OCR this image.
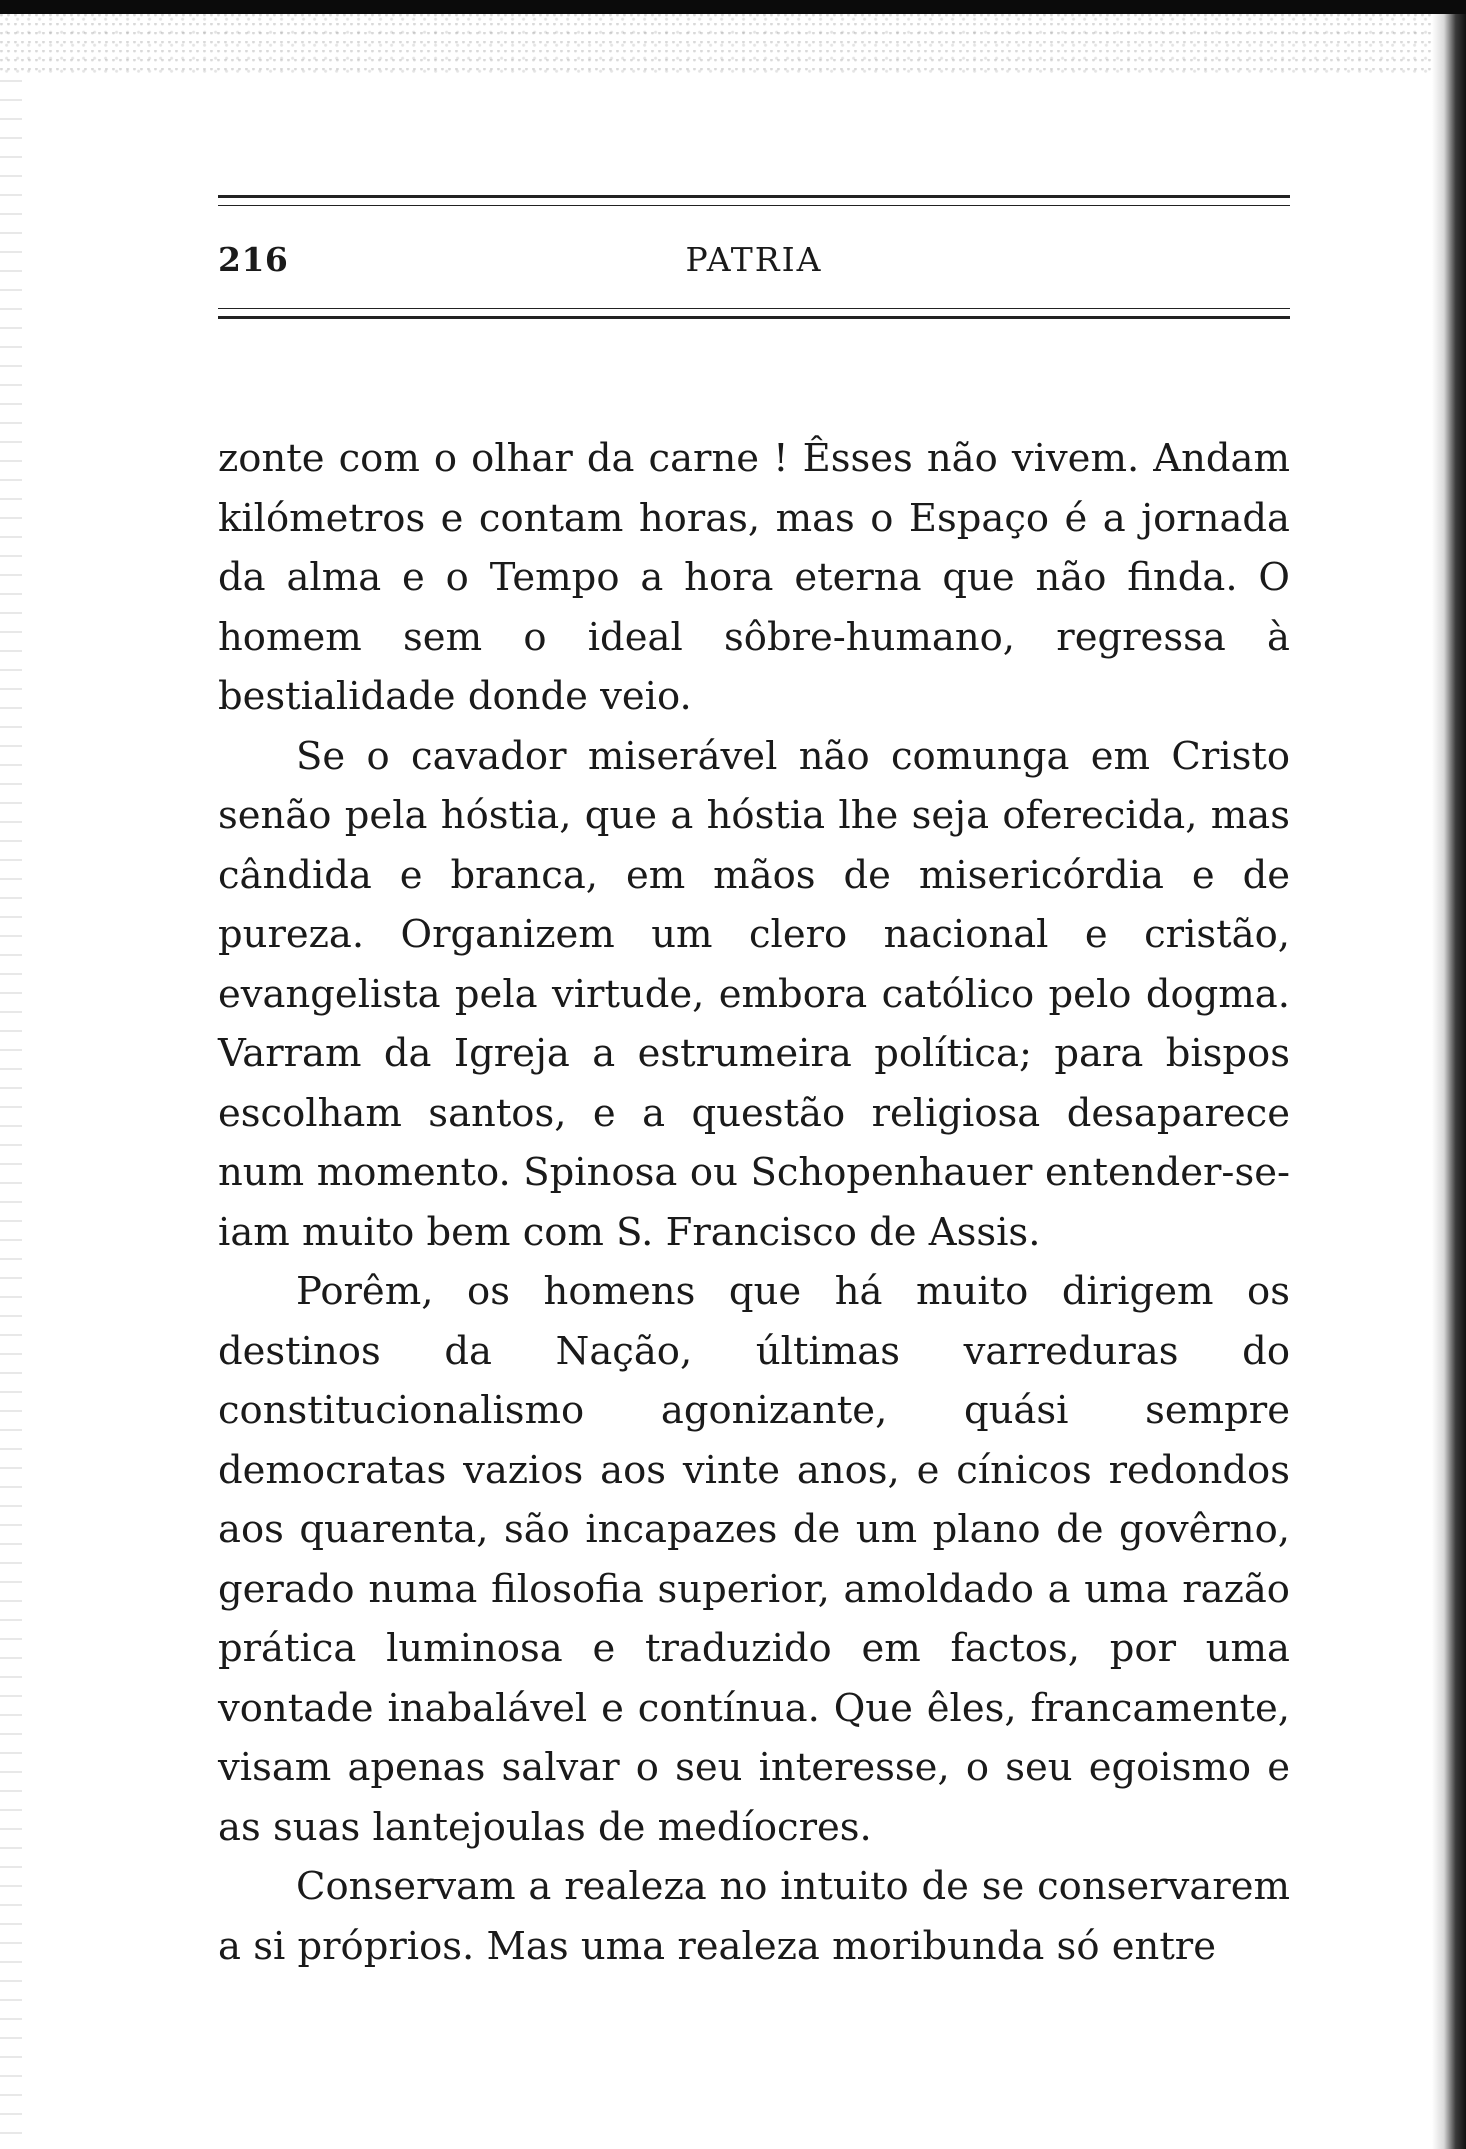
216	PATRIA

zonte com o olhar da carne ! Êsses não vivem. Andam kilómetros e contam horas, mas o Espaço é a jornada da alma e o Tempo a hora eterna que não finda. O homem sem o ideal sôbre-humano, regressa à bestialidade donde veio.

Se o cavador miserável não comunga em Cristo senão pela hóstia, que a hóstia lhe seja oferecida, mas cândida e branca, em mãos de misericórdia e de pureza. Organizem um clero nacional e cristão, evangelista pela virtude, embora católico pelo dogma. Varram da Igreja a estrumeira política; para bispos escolham santos, e a questão religiosa desaparece num momento. Spinosa ou Schopenhauer entender-se-iam muito bem com S. Francisco de Assis.

Porêm, os homens que há muito dirigem os destinos da Nação, últimas varreduras do constitucionalismo agonizante, quási sempre democratas vazios aos vinte anos, e cínicos redondos aos quarenta, são incapazes de um plano de govêrno, gerado numa filosofia superior, amoldado a uma razão prática luminosa e traduzido em factos, por uma vontade inabalável e contínua. Que êles, francamente, visam apenas salvar o seu interesse, o seu egoismo e as suas lantejoulas de medíocres.

Conservam a realeza no intuito de se conservarem a si próprios. Mas uma realeza moribunda só entre
